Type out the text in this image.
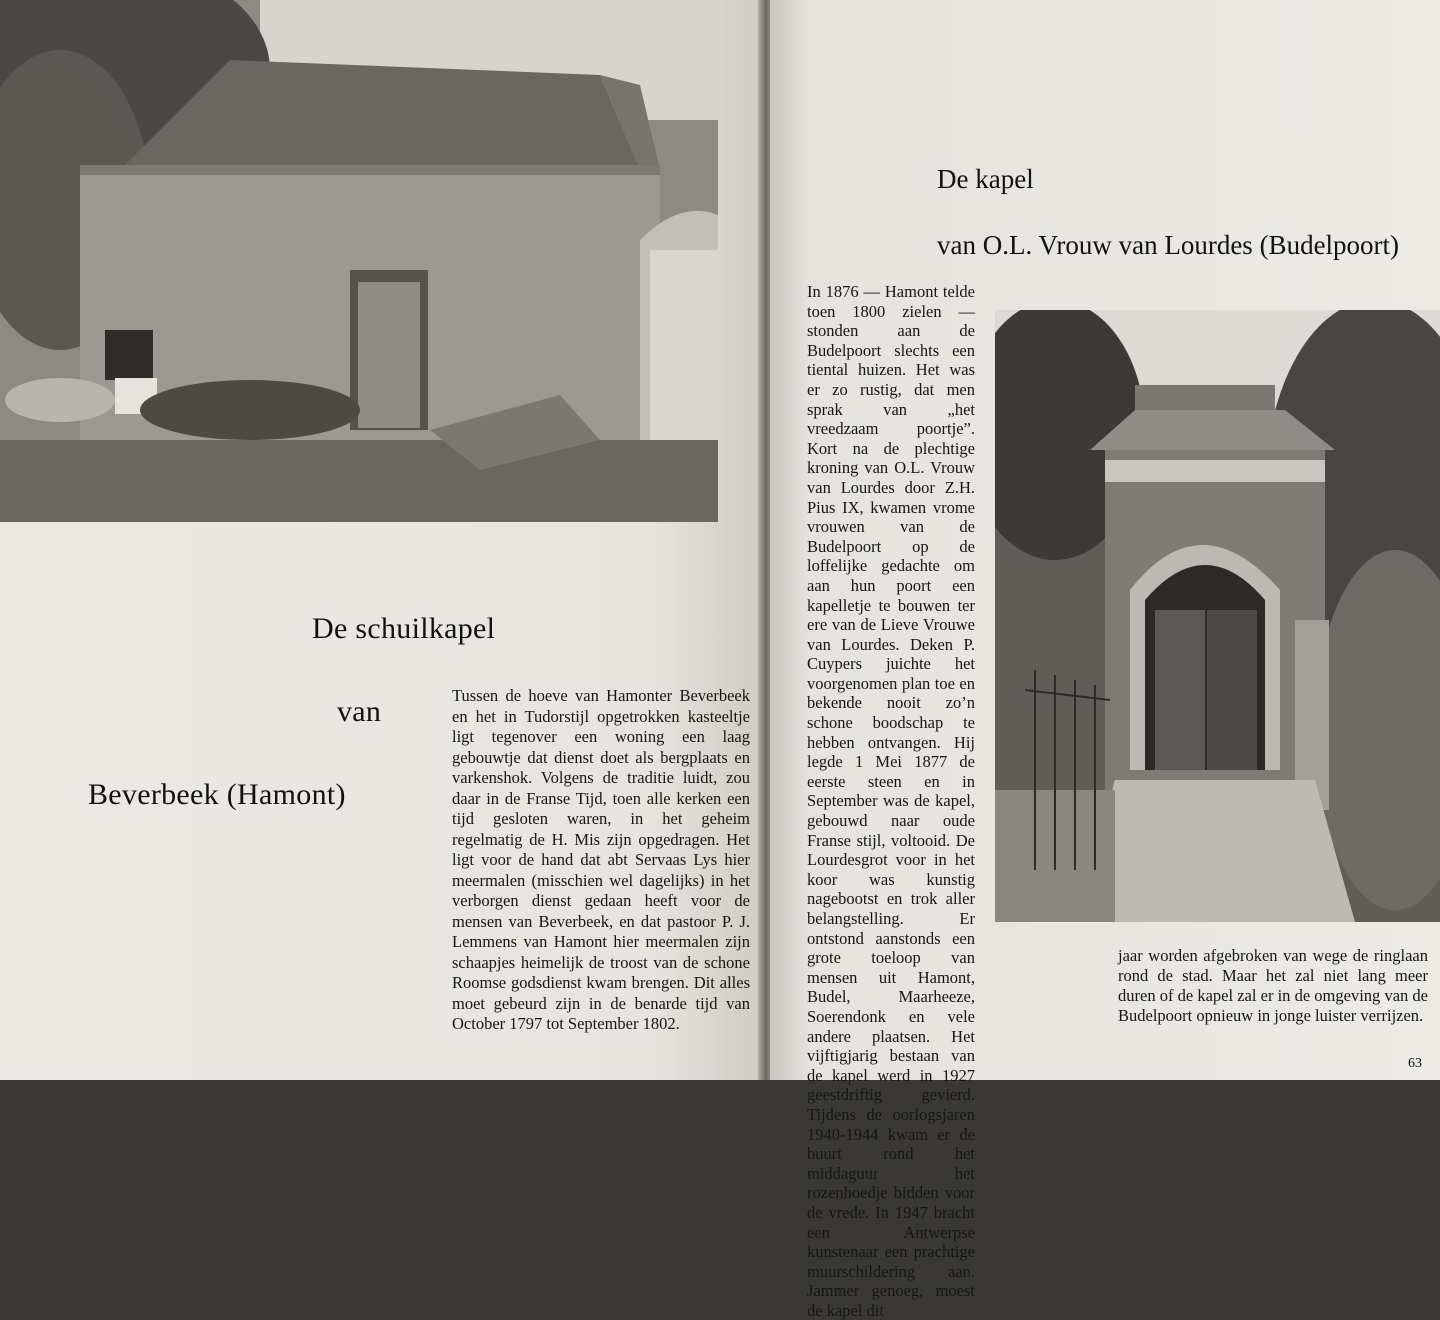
De schuilkapel
van
Beverbeek (Hamont)

Tussen de hoeve van Hamonter Beverbeek en het in Tudorstijl opgetrokken kasteeltje ligt tegenover een woning een laag gebouwtje dat dienst doet als bergplaats en varkenshok. Volgens de traditie luidt, zou daar in de Franse Tijd, toen alle kerken een tijd gesloten waren, in het geheim regelmatig de H. Mis zijn opgedragen. Het ligt voor de hand dat abt Servaas Lys hier meermalen (misschien wel dagelijks) in het verborgen dienst gedaan heeft voor de mensen van Beverbeek, en dat pastoor P. J. Lemmens van Hamont hier meermalen zijn schaapjes heimelijk de troost van de schone Roomse godsdienst kwam brengen. Dit alles moet gebeurd zijn in de benarde tijd van October 1797 tot September 1802.

De kapel
van O.L. Vrouw van Lourdes (Budelpoort)

In 1876 — Hamont telde toen 1800 zielen — stonden aan de Budelpoort slechts een tiental huizen. Het was er zo rustig, dat men sprak van „het vreedzaam poortje”. Kort na de plechtige kroning van O.L. Vrouw van Lourdes door Z.H. Pius IX, kwamen vrome vrouwen van de Budelpoort op de loffelijke gedachte om aan hun poort een kapelletje te bouwen ter ere van de Lieve Vrouwe van Lourdes. Deken P. Cuypers juichte het voorgenomen plan toe en bekende nooit zo’n schone boodschap te hebben ontvangen. Hij legde 1 Mei 1877 de eerste steen en in September was de kapel, gebouwd naar oude Franse stijl, voltooid. De Lourdesgrot voor in het koor was kunstig nagebootst en trok aller belangstelling. Er ontstond aanstonds een grote toeloop van mensen uit Hamont, Budel, Maarheeze, Soerendonk en vele andere plaatsen. Het vijftigjarig bestaan van de kapel werd in 1927 geestdriftig gevierd. Tijdens de oorlogsjaren 1940-1944 kwam er de buurt rond het middaguur het rozenhoedje bidden voor de vrede. In 1947 bracht een Antwerpse kunstenaar een prachtige muurschildering aan. Jammer genoeg, moest de kapel dit

jaar worden afgebroken van wege de ringlaan rond de stad. Maar het zal niet lang meer duren of de kapel zal er in de omgeving van de Budelpoort opnieuw in jonge luister verrijzen.

63
